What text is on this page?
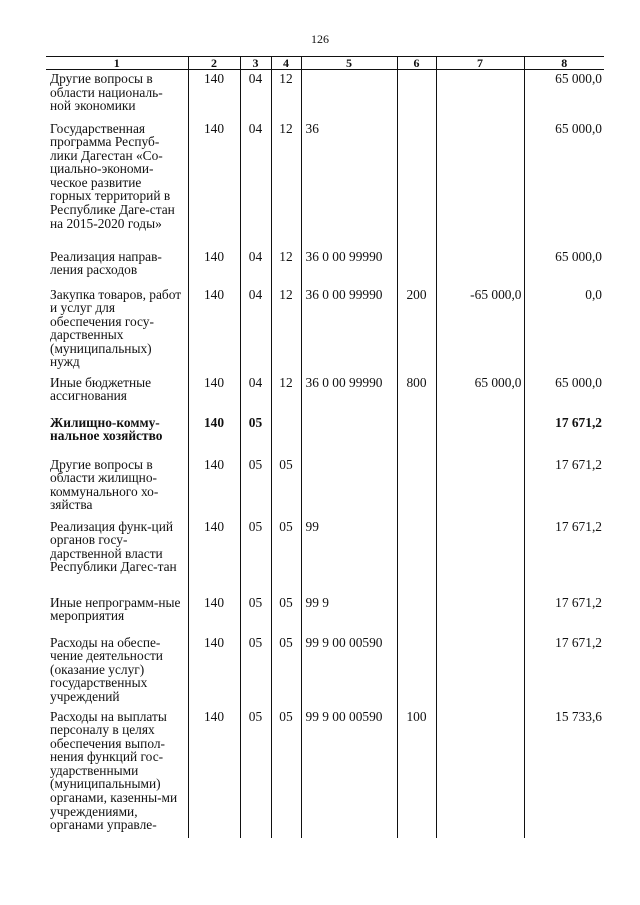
126
1	2	3	4	5	6	7	8
Другие вопросы в области националь-ной экономики	140	04	12				65 000,0
Государственная программа Респуб-лики Дагестан «Со-циально-экономи-ческое развитие горных территорий в Республике Даге-стан на 2015-2020 годы»	140	04	12	36			65 000,0
Реализация направ-ления расходов	140	04	12	36 0 00 99990			65 000,0
Закупка товаров, работ и услуг для обеспечения госу-дарственных (муниципальных) нужд	140	04	12	36 0 00 99990	200	-65 000,0	0,0
Иные бюджетные ассигнования	140	04	12	36 0 00 99990	800	65 000,0	65 000,0
Жилищно-комму-нальное хозяйство	140	05					17 671,2
Другие вопросы в области жилищно-коммунального хо-зяйства	140	05	05				17 671,2
Реализация функ-ций органов госу-дарственной власти Республики Дагес-тан	140	05	05	99			17 671,2
Иные непрограмм-ные мероприятия	140	05	05	99 9			17 671,2
Расходы на обеспе-чение деятельности (оказание услуг) государственных учреждений	140	05	05	99 9 00 00590			17 671,2
Расходы на выплаты персоналу в целях обеспечения выпол-нения функций гос-ударственными (муниципальными) органами, казенны-ми учреждениями, органами управле-	140	05	05	99 9 00 00590	100		15 733,6
